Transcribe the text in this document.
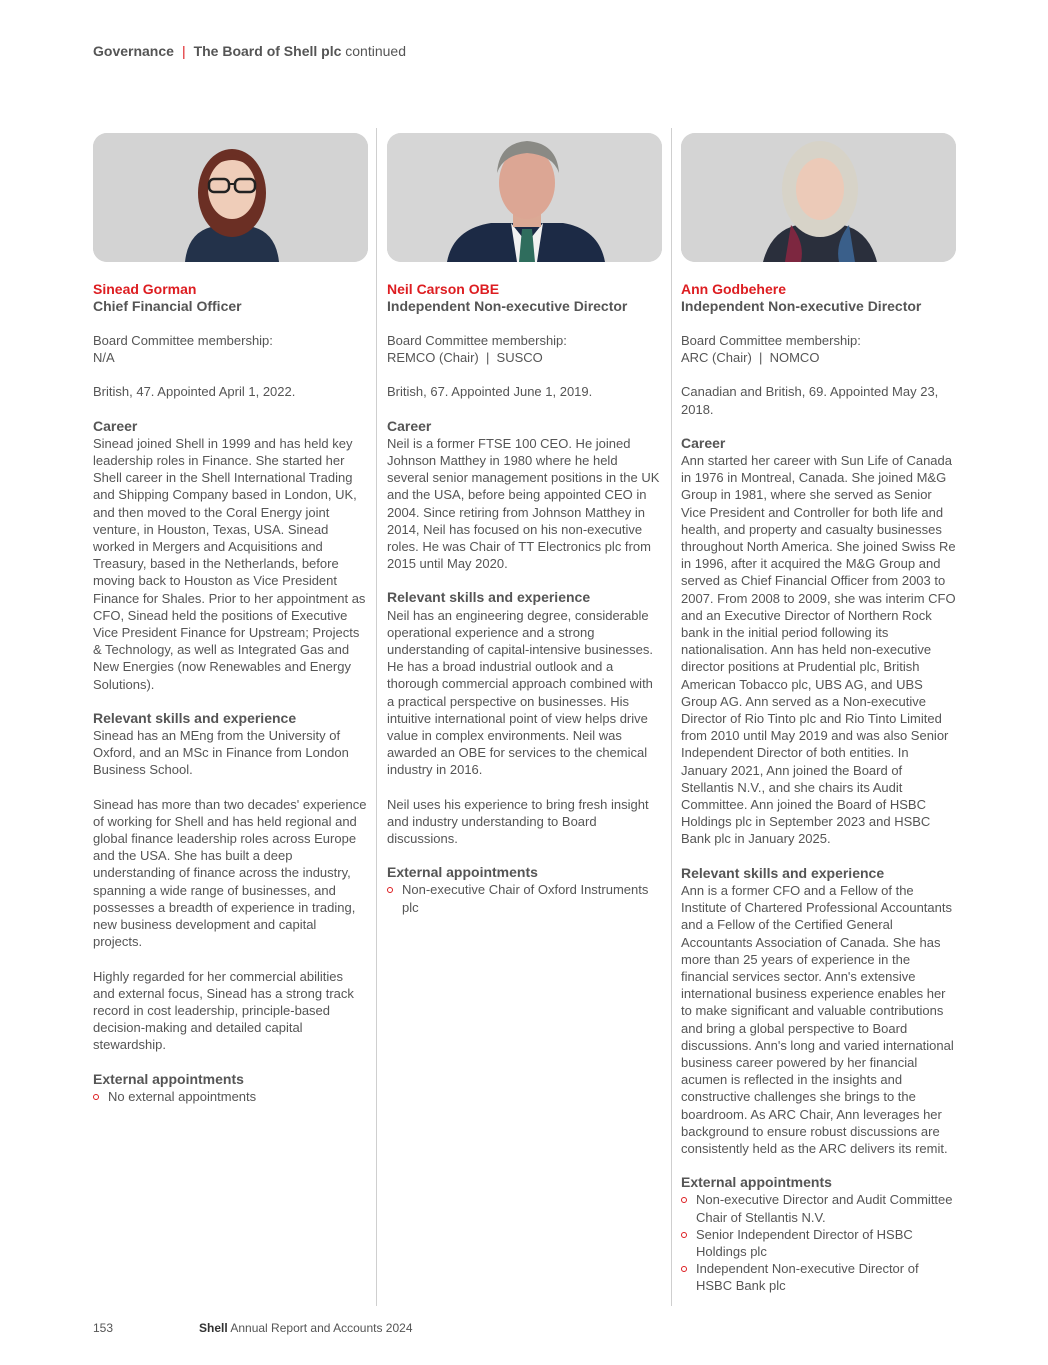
Governance | The Board of Shell plc continued
Sinead Gorman
Chief Financial Officer
Board Committee membership:
N/A
British, 47. Appointed April 1, 2022.
Career

Sinead joined Shell in 1999 and has held key leadership roles in Finance. She started her Shell career in the Shell International Trading and Shipping Company based in London, UK, and then moved to the Coral Energy joint venture, in Houston, Texas, USA. Sinead worked in Mergers and Acquisitions and Treasury, based in the Netherlands, before moving back to Houston as Vice President Finance for Shales. Prior to her appointment as CFO, Sinead held the positions of Executive Vice President Finance for Upstream; Projects & Technology, as well as Integrated Gas and New Energies (now Renewables and Energy Solutions).

Relevant skills and experience

Sinead has an MEng from the University of Oxford, and an MSc in Finance from London Business School.

Sinead has more than two decades' experience of working for Shell and has held regional and global finance leadership roles across Europe and the USA. She has built a deep understanding of finance across the industry, spanning a wide range of businesses, and possesses a breadth of experience in trading, new business development and capital projects.

Highly regarded for her commercial abilities and external focus, Sinead has a strong track record in cost leadership, principle-based decision-making and detailed capital stewardship.

External appointments
No external appointments
Neil Carson OBE
Independent Non-executive Director
Board Committee membership:
REMCO (Chair)  |  SUSCO
British, 67. Appointed June 1, 2019.
Career

Neil is a former FTSE 100 CEO. He joined Johnson Matthey in 1980 where he held several senior management positions in the UK and the USA, before being appointed CEO in 2004. Since retiring from Johnson Matthey in 2014, Neil has focused on his non-executive roles. He was Chair of TT Electronics plc from 2015 until May 2020.

Relevant skills and experience

Neil has an engineering degree, considerable operational experience and a strong understanding of capital-intensive businesses. He has a broad industrial outlook and a thorough commercial approach combined with a practical perspective on businesses. His intuitive international point of view helps drive value in complex environments. Neil was awarded an OBE for services to the chemical industry in 2016.

Neil uses his experience to bring fresh insight and industry understanding to Board discussions.

External appointments
Non-executive Chair of Oxford Instruments plc
Ann Godbehere
Independent Non-executive Director
Board Committee membership:
ARC (Chair)  |  NOMCO
Canadian and British, 69. Appointed May 23, 2018.
Career

Ann started her career with Sun Life of Canada in 1976 in Montreal, Canada. She joined M&G Group in 1981, where she served as Senior Vice President and Controller for both life and health, and property and casualty businesses throughout North America. She joined Swiss Re in 1996, after it acquired the M&G Group and served as Chief Financial Officer from 2003 to 2007. From 2008 to 2009, she was interim CFO and an Executive Director of Northern Rock bank in the initial period following its nationalisation. Ann has held non-executive director positions at Prudential plc, British American Tobacco plc, UBS AG, and UBS Group AG. Ann served as a Non-executive Director of Rio Tinto plc and Rio Tinto Limited from 2010 until May 2019 and was also Senior Independent Director of both entities. In January 2021, Ann joined the Board of Stellantis N.V., and she chairs its Audit Committee. Ann joined the Board of HSBC Holdings plc in September 2023 and HSBC Bank plc in January 2025.

Relevant skills and experience

Ann is a former CFO and a Fellow of the Institute of Chartered Professional Accountants and a Fellow of the Certified General Accountants Association of Canada. She has more than 25 years of experience in the financial services sector. Ann's extensive international business experience enables her to make significant and valuable contributions and bring a global perspective to Board discussions. Ann's long and varied international business career powered by her financial acumen is reflected in the insights and constructive challenges she brings to the boardroom. As ARC Chair, Ann leverages her background to ensure robust discussions are consistently held as the ARC delivers its remit.

External appointments
Non-executive Director and Audit Committee Chair of Stellantis N.V.
Senior Independent Director of HSBC Holdings plc
Independent Non-executive Director of HSBC Bank plc
153	Shell Annual Report and Accounts 2024
